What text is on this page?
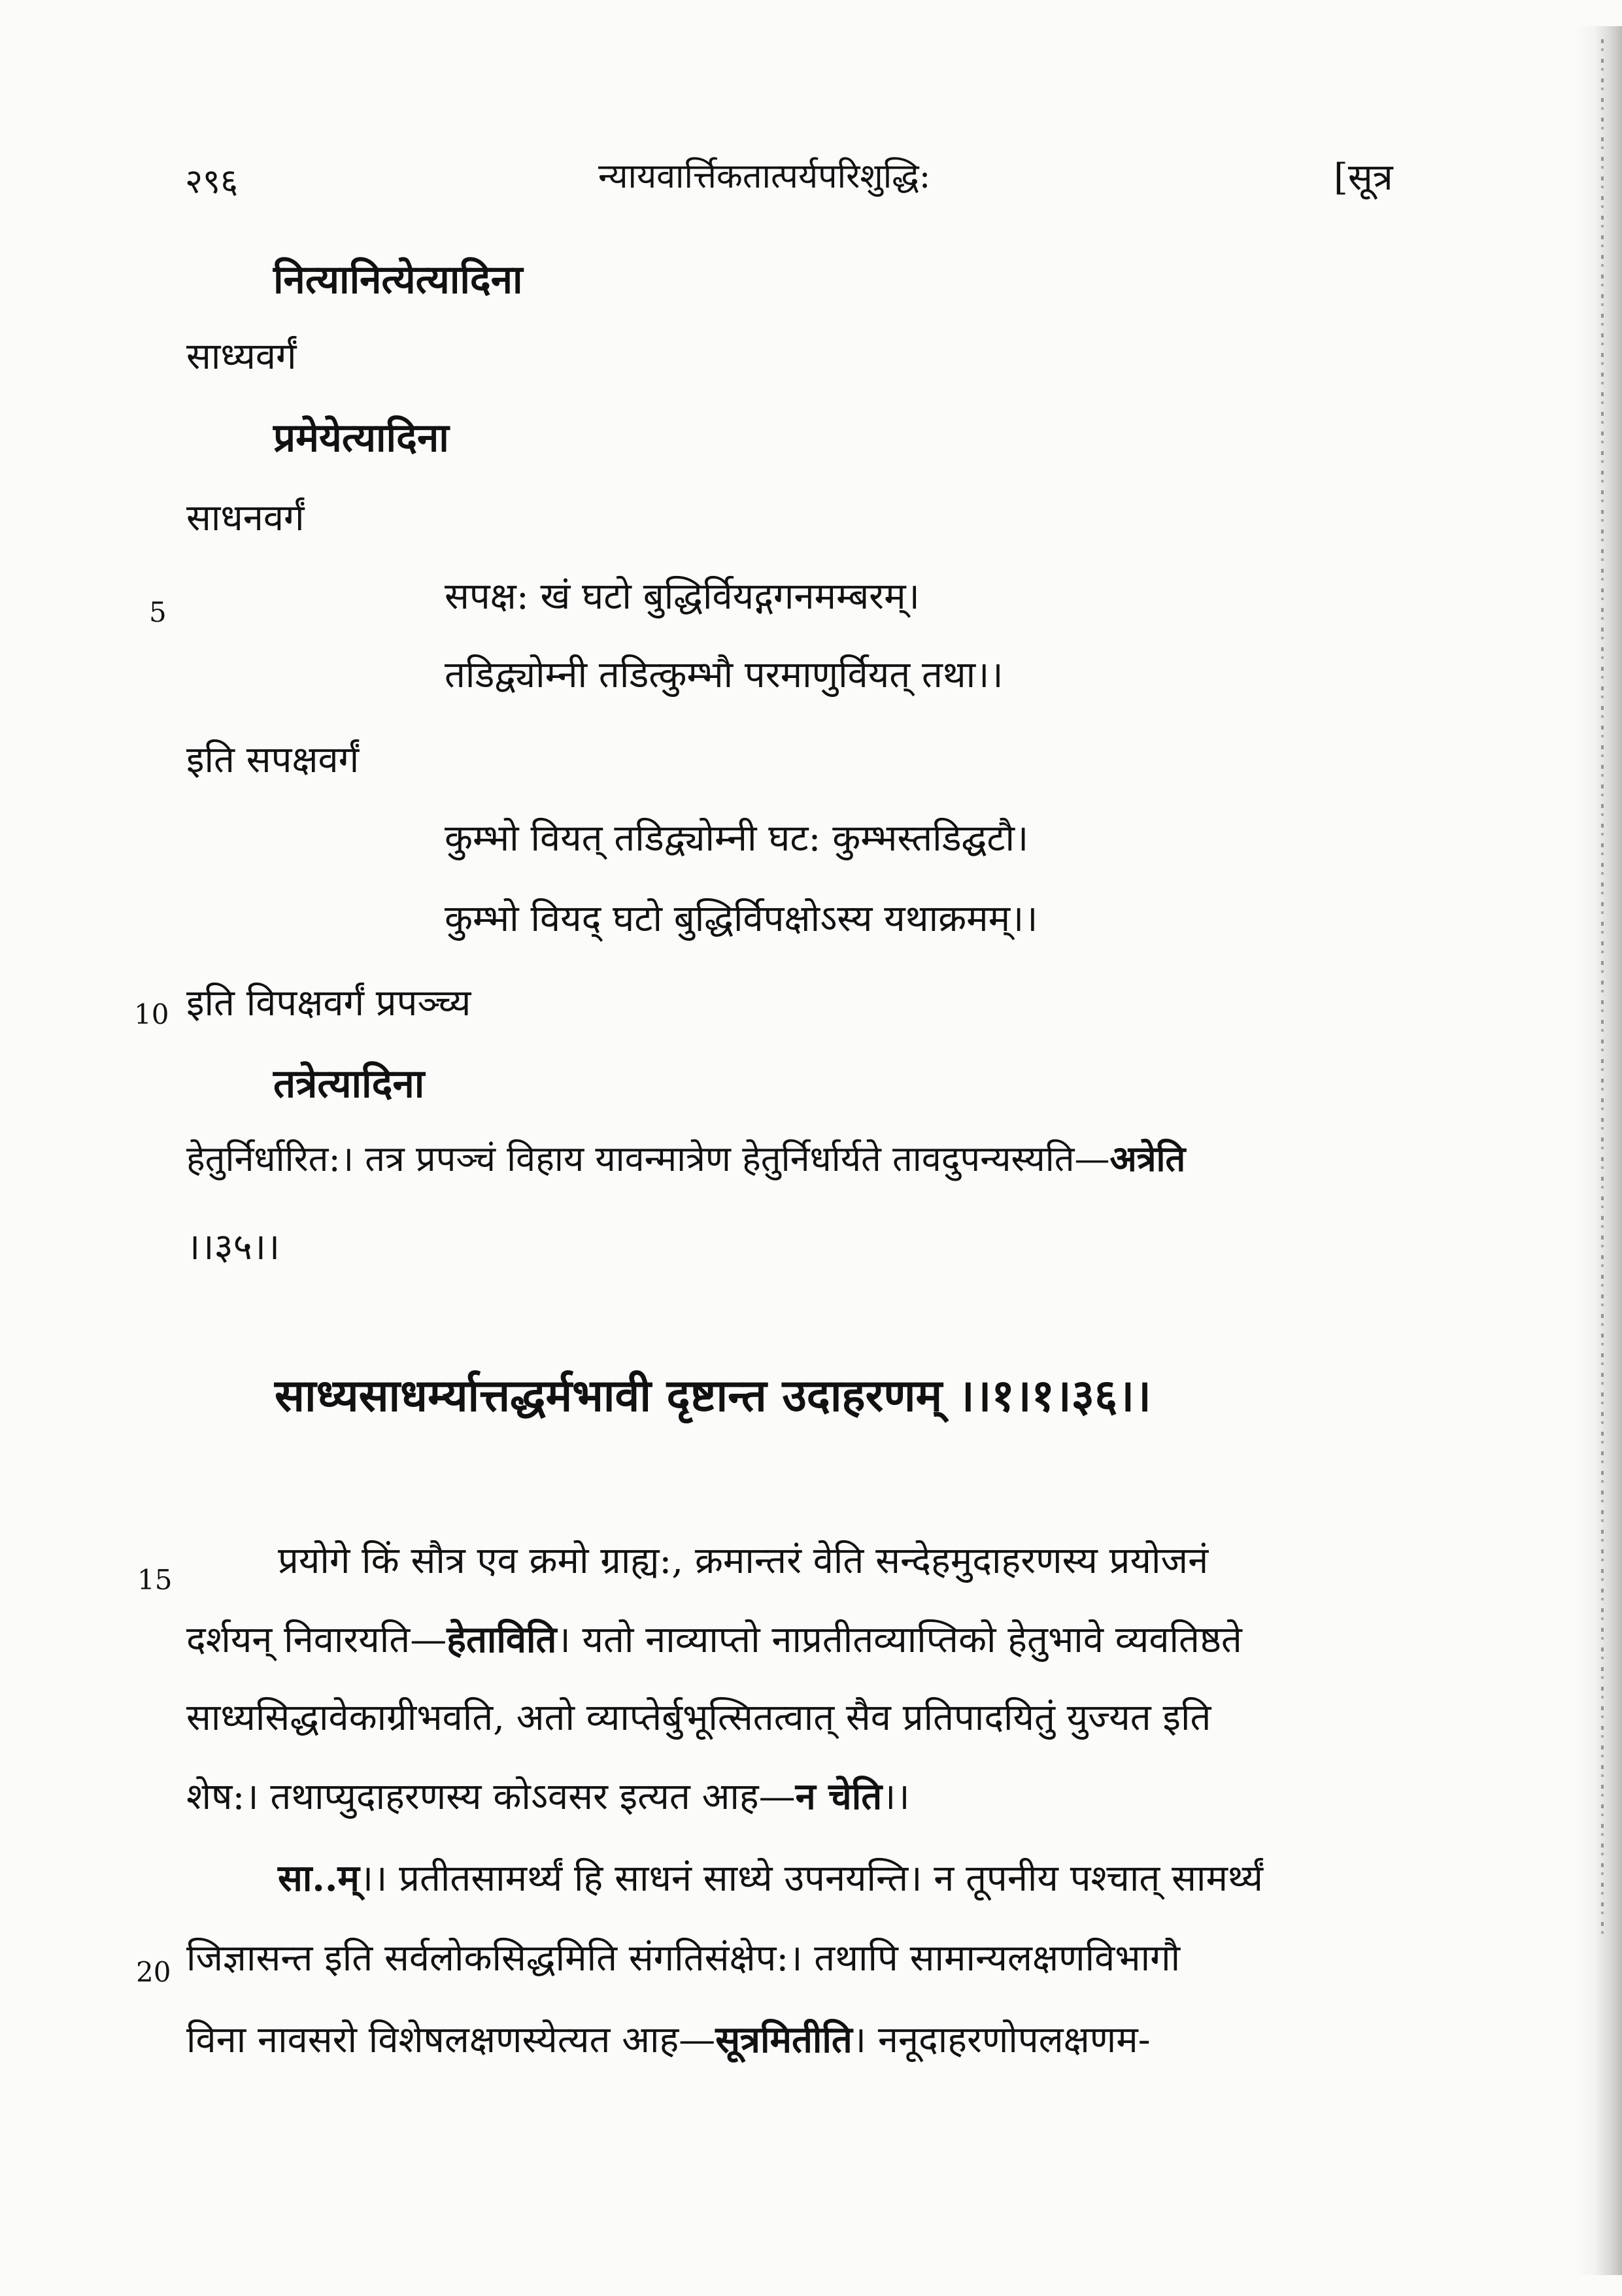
२९६	न्यायवार्त्तिकतात्पर्यपरिशुद्धि:	[सूत्र
5
10
15
20
नित्यानित्येत्यादिना
साध्यवर्गं
प्रमेयेत्यादिना
साधनवर्गं
सपक्ष: खं घटो बुद्धिर्वियद्गगनमम्बरम्।
तडिद्व्योम्नी तडित्कुम्भौ परमाणुर्वियत् तथा।।
इति सपक्षवर्गं
कुम्भो वियत् तडिद्व्योम्नी घट: कुम्भस्तडिद्घटौ।
कुम्भो वियद् घटो बुद्धिर्विपक्षोऽस्य यथाक्रमम्।।
इति विपक्षवर्गं प्रपञ्च्य
तत्रेत्यादिना
हेतुर्निर्धारित:। तत्र प्रपञ्चं विहाय यावन्मात्रेण हेतुर्निर्धार्यते तावदुपन्यस्यति—अत्रेति
।।३५।।
साध्यसाधर्म्यात्तद्धर्मभावी दृष्टान्त उदाहरणम् ।।१।१।३६।।
प्रयोगे किं सौत्र एव क्रमो ग्राह्य:, क्रमान्तरं वेति सन्देहमुदाहरणस्य प्रयोजनं
दर्शयन् निवारयति—हेताविति। यतो नाव्याप्तो नाप्रतीतव्याप्तिको हेतुभावे व्यवतिष्ठते
साध्यसिद्धावेकाग्रीभवति, अतो व्याप्तेर्बुभूत्सितत्वात् सैव प्रतिपादयितुं युज्यत इति
शेष:। तथाप्युदाहरणस्य कोऽवसर इत्यत आह—न चेति।।
सा..म्।। प्रतीतसामर्थ्यं हि साधनं साध्ये उपनयन्ति। न तूपनीय पश्चात् सामर्थ्यं
जिज्ञासन्त इति सर्वलोकसिद्धमिति संगतिसंक्षेप:। तथापि सामान्यलक्षणविभागौ
विना नावसरो विशेषलक्षणस्येत्यत आह—सूत्रमितीति। ननूदाहरणोपलक्षणम-
